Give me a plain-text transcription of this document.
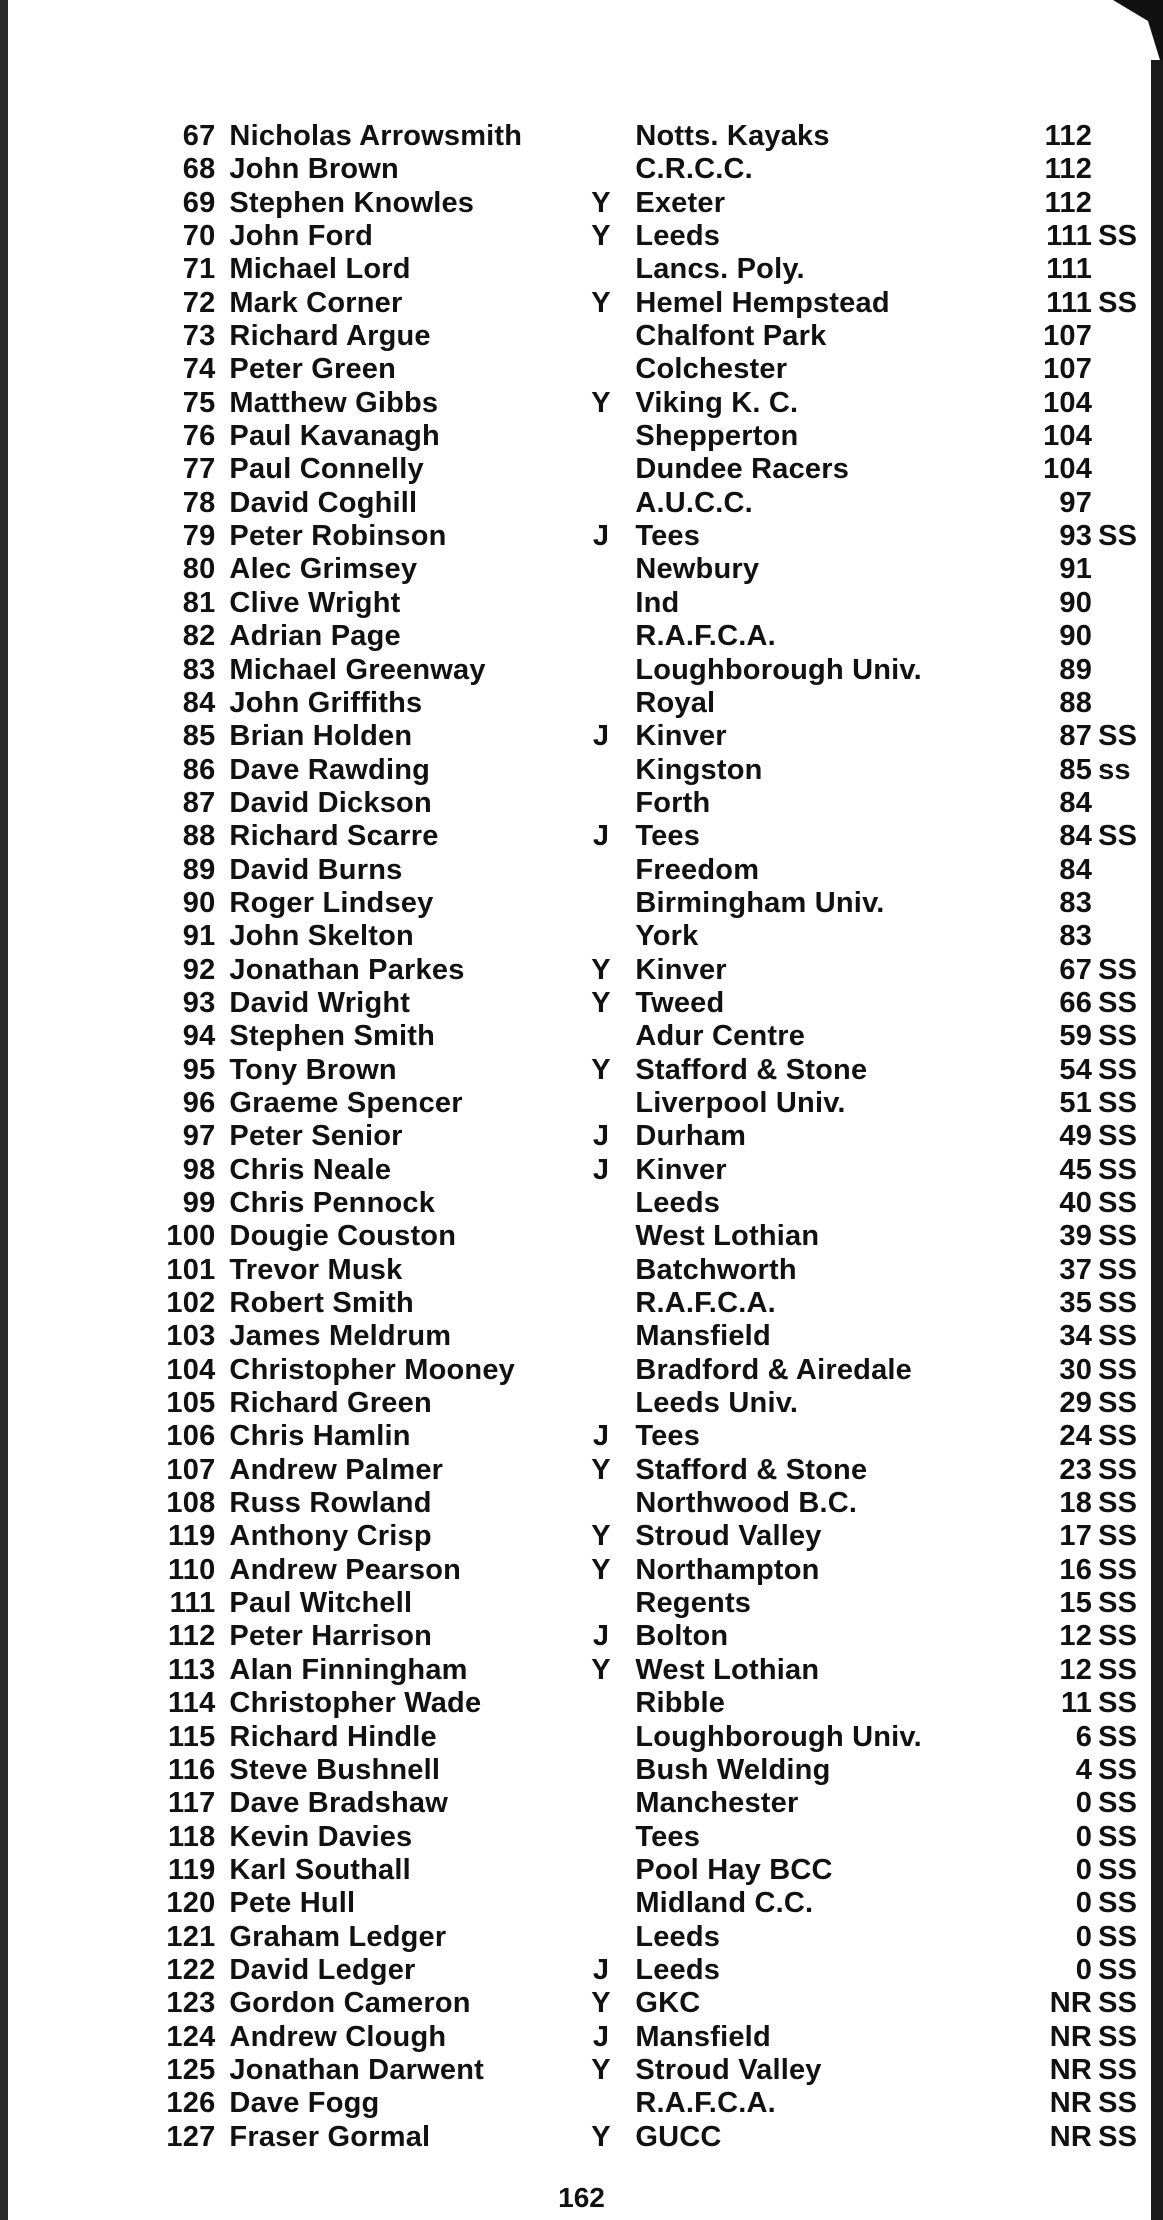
67 Nicholas Arrowsmith	Notts. Kayaks	112
68 John Brown	C.R.C.C.	112
69 Stephen Knowles	Y Exeter	112
70 John Ford	Y Leeds	111 SS
71 Michael Lord	Lancs. Poly.	111
72 Mark Corner	Y Hemel Hempstead	111 SS
73 Richard Argue	Chalfont Park	107
74 Peter Green	Colchester	107
75 Matthew Gibbs	Y Viking K. C.	104
76 Paul Kavanagh	Shepperton	104
77 Paul Connelly	Dundee Racers	104
78 David Coghill	A.U.C.C.	97
79 Peter Robinson	J Tees	93 SS
80 Alec Grimsey	Newbury	91
81 Clive Wright	Ind	90
82 Adrian Page	R.A.F.C.A.	90
83 Michael Greenway	Loughborough Univ.	89
84 John Griffiths	Royal	88
85 Brian Holden	J Kinver	87 SS
86 Dave Rawding	Kingston	85 ss
87 David Dickson	Forth	84
88 Richard Scarre	J Tees	84 SS
89 David Burns	Freedom	84
90 Roger Lindsey	Birmingham Univ.	83
91 John Skelton	York	83
92 Jonathan Parkes	Y Kinver	67 SS
93 David Wright	Y Tweed	66 SS
94 Stephen Smith	Adur Centre	59 SS
95 Tony Brown	Y Stafford & Stone	54 SS
96 Graeme Spencer	Liverpool Univ.	51 SS
97 Peter Senior	J Durham	49 SS
98 Chris Neale	J Kinver	45 SS
99 Chris Pennock	Leeds	40 SS
100 Dougie Couston	West Lothian	39 SS
101 Trevor Musk	Batchworth	37 SS
102 Robert Smith	R.A.F.C.A.	35 SS
103 James Meldrum	Mansfield	34 SS
104 Christopher Mooney	Bradford & Airedale	30 SS
105 Richard Green	Leeds Univ.	29 SS
106 Chris Hamlin	J Tees	24 SS
107 Andrew Palmer	Y Stafford & Stone	23 SS
108 Russ Rowland	Northwood B.C.	18 SS
119 Anthony Crisp	Y Stroud Valley	17 SS
110 Andrew Pearson	Y Northampton	16 SS
111 Paul Witchell	Regents	15 SS
112 Peter Harrison	J Bolton	12 SS
113 Alan Finningham	Y West Lothian	12 SS
114 Christopher Wade	Ribble	11 SS
115 Richard Hindle	Loughborough Univ.	6 SS
116 Steve Bushnell	Bush Welding	4 SS
117 Dave Bradshaw	Manchester	0 SS
118 Kevin Davies	Tees	0 SS
119 Karl Southall	Pool Hay BCC	0 SS
120 Pete Hull	Midland C.C.	0 SS
121 Graham Ledger	Leeds	0 SS
122 David Ledger	J Leeds	0 SS
123 Gordon Cameron	Y GKC	NR SS
124 Andrew Clough	J Mansfield	NR SS
125 Jonathan Darwent	Y Stroud Valley	NR SS
126 Dave Fogg	R.A.F.C.A.	NR SS
127 Fraser Gormal	Y GUCC	NR SS
162
